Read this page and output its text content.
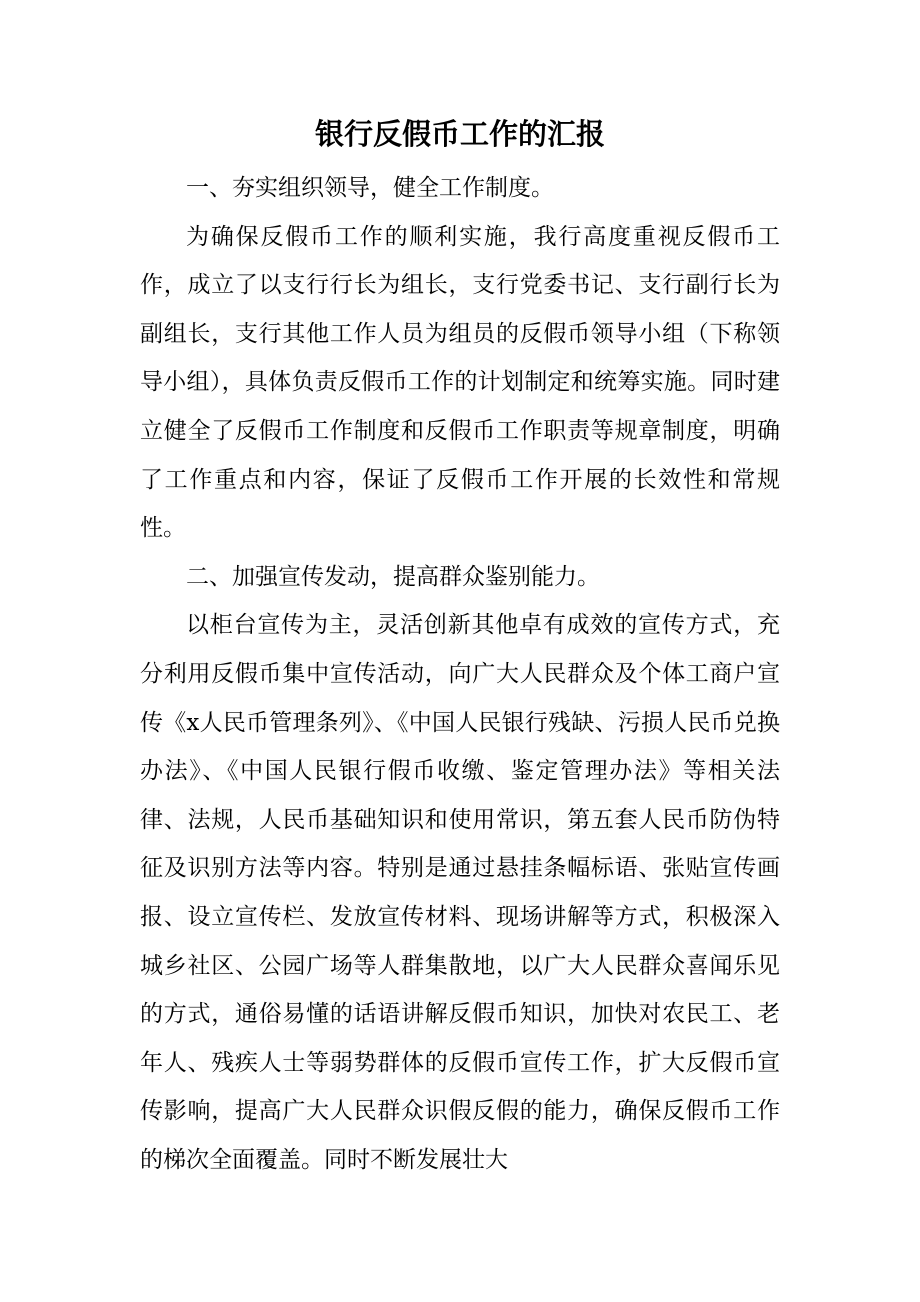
银行反假币工作的汇报

一、夯实组织领导，健全工作制度。

为确保反假币工作的顺利实施，我行高度重视反假币工作，成立了以支行行长为组长，支行党委书记、支行副行长为副组长，支行其他工作人员为组员的反假币领导小组（下称领导小组），具体负责反假币工作的计划制定和统筹实施。同时建立健全了反假币工作制度和反假币工作职责等规章制度，明确了工作重点和内容，保证了反假币工作开展的长效性和常规性。

二、加强宣传发动，提高群众鉴别能力。

以柜台宣传为主，灵活创新其他卓有成效的宣传方式，充分利用反假币集中宣传活动，向广大人民群众及个体工商户宣传《x人民币管理条列》、《中国人民银行残缺、污损人民币兑换办法》、《中国人民银行假币收缴、鉴定管理办法》等相关法律、法规，人民币基础知识和使用常识，第五套人民币防伪特征及识别方法等内容。特别是通过悬挂条幅标语、张贴宣传画报、设立宣传栏、发放宣传材料、现场讲解等方式，积极深入城乡社区、公园广场等人群集散地，以广大人民群众喜闻乐见的方式，通俗易懂的话语讲解反假币知识，加快对农民工、老年人、残疾人士等弱势群体的反假币宣传工作，扩大反假币宣传影响，提高广大人民群众识假反假的能力，确保反假币工作的梯次全面覆盖。同时不断发展壮大
